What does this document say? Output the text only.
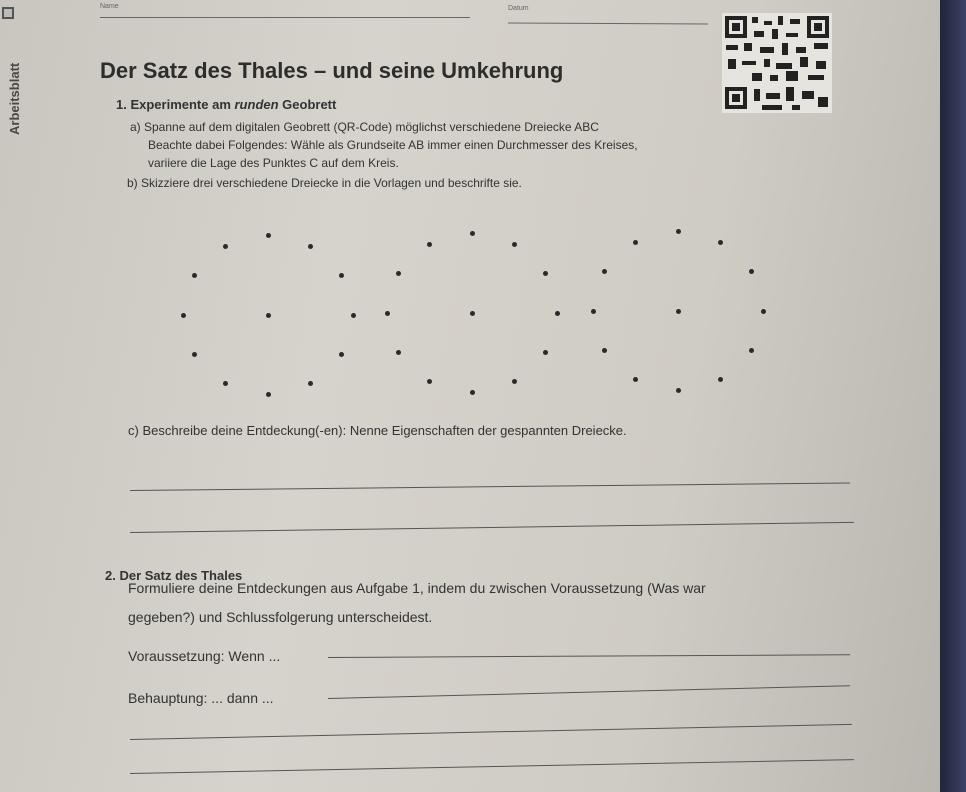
Arbeitsblatt
Name	Datum
Der Satz des Thales – und seine Umkehrung
1. Experimente am runden Geobrett
a) Spanne auf dem digitalen Geobrett (QR-Code) möglichst verschiedene Dreiecke ABC
Beachte dabei Folgendes: Wähle als Grundseite AB immer einen Durchmesser des Kreises,
variiere die Lage des Punktes C auf dem Kreis.
b) Skizziere drei verschiedene Dreiecke in die Vorlagen und beschrifte sie.
c) Beschreibe deine Entdeckung(-en): Nenne Eigenschaften der gespannten Dreiecke.
2. Der Satz des Thales
Formuliere deine Entdeckungen aus Aufgabe 1, indem du zwischen Voraussetzung (Was war
gegeben?) und Schlussfolgerung unterscheidest.
Voraussetzung: Wenn ...
Behauptung: ... dann ...
